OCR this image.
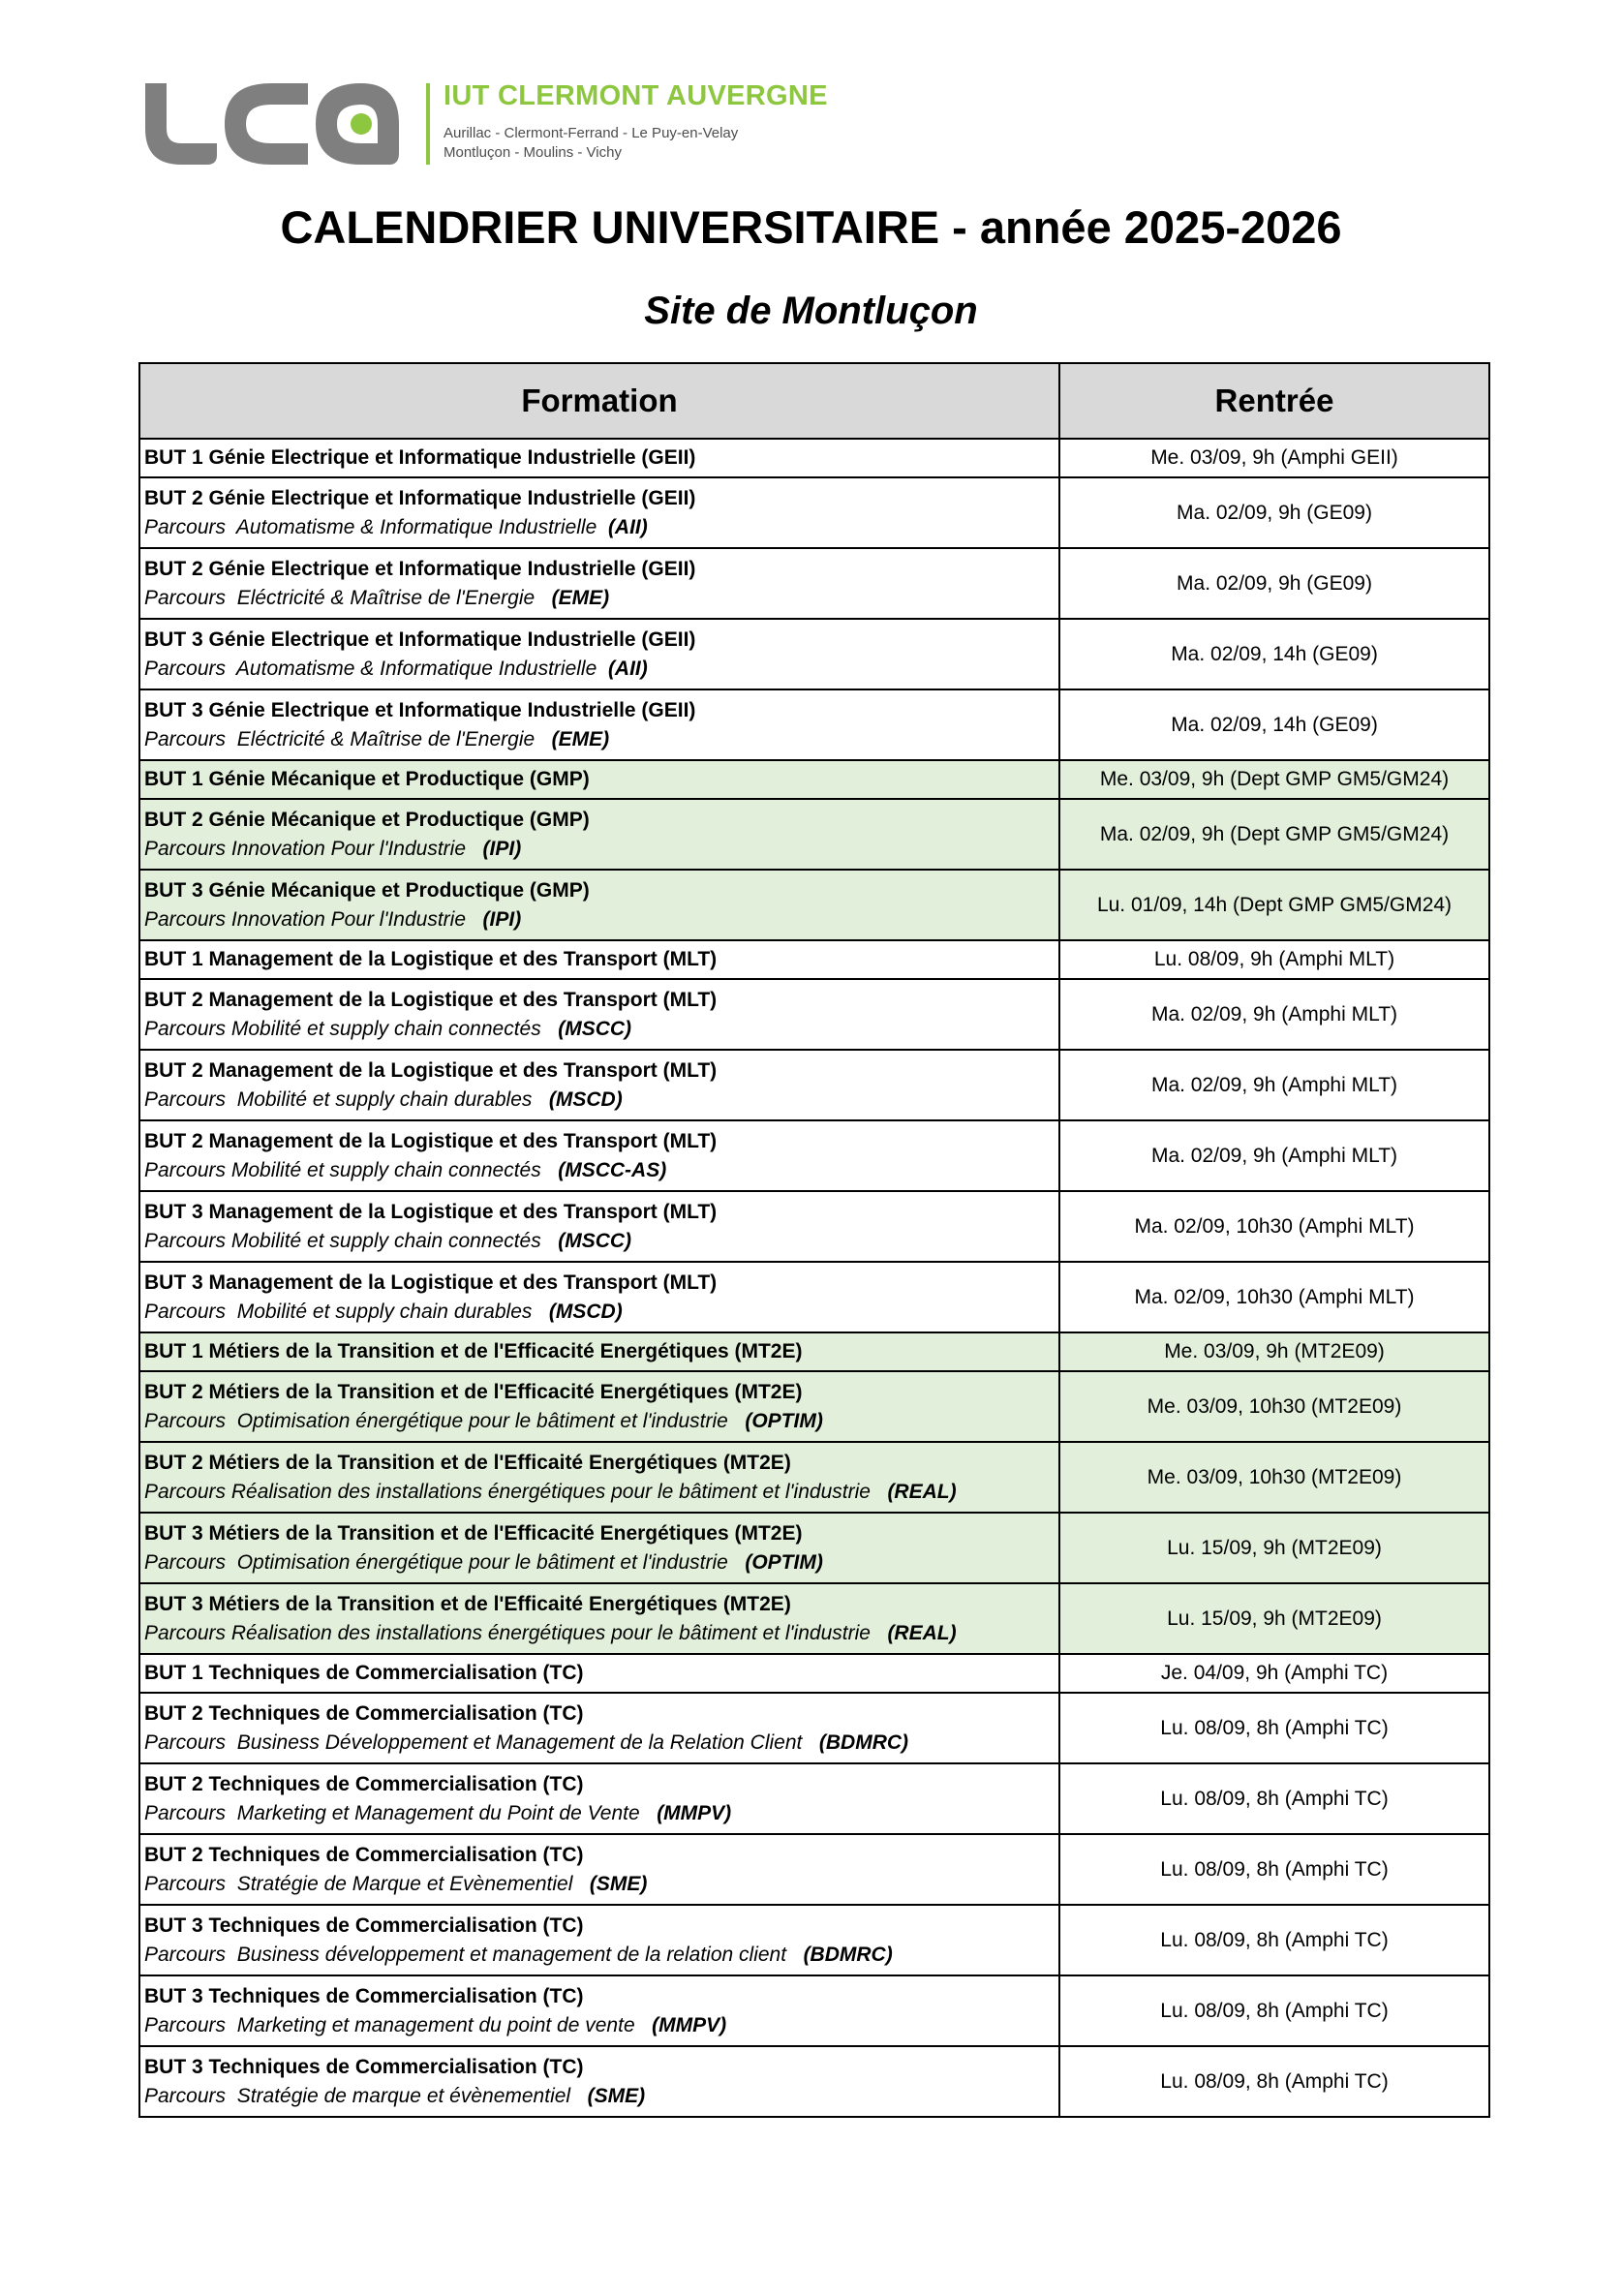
IUT CLERMONT AUVERGNE
Aurillac - Clermont-Ferrand - Le Puy-en-Velay
Montluçon - Moulins - Vichy
CALENDRIER UNIVERSITAIRE - année 2025-2026
Site de Montluçon
Formation	Rentrée

BUT 1 Génie Electrique et Informatique Industrielle (GEII)	Me. 03/09, 9h (Amphi GEII)

BUT 2 Génie Electrique et Informatique Industrielle (GEII)
Parcours  Automatisme & Informatique Industrielle  (AII)	Ma. 02/09, 9h (GE09)

BUT 2 Génie Electrique et Informatique Industrielle (GEII)
Parcours  Eléctricité & Maîtrise de l'Energie   (EME)	Ma. 02/09, 9h (GE09)

BUT 3 Génie Electrique et Informatique Industrielle (GEII)
Parcours  Automatisme & Informatique Industrielle  (AII)	Ma. 02/09, 14h (GE09)

BUT 3 Génie Electrique et Informatique Industrielle (GEII)
Parcours  Eléctricité & Maîtrise de l'Energie   (EME)	Ma. 02/09, 14h (GE09)

BUT 1 Génie Mécanique et Productique (GMP)	Me. 03/09, 9h (Dept GMP GM5/GM24)

BUT 2 Génie Mécanique et Productique (GMP)
Parcours Innovation Pour l'Industrie   (IPI)	Ma. 02/09, 9h (Dept GMP GM5/GM24)

BUT 3 Génie Mécanique et Productique (GMP)
Parcours Innovation Pour l'Industrie   (IPI)	Lu. 01/09, 14h (Dept GMP GM5/GM24)

BUT 1 Management de la Logistique et des Transport (MLT)	Lu. 08/09, 9h (Amphi MLT)

BUT 2 Management de la Logistique et des Transport (MLT)
Parcours Mobilité et supply chain connectés   (MSCC)	Ma. 02/09, 9h (Amphi MLT)

BUT 2 Management de la Logistique et des Transport (MLT)
Parcours  Mobilité et supply chain durables   (MSCD)	Ma. 02/09, 9h (Amphi MLT)

BUT 2 Management de la Logistique et des Transport (MLT)
Parcours Mobilité et supply chain connectés   (MSCC-AS)	Ma. 02/09, 9h (Amphi MLT)

BUT 3 Management de la Logistique et des Transport (MLT)
Parcours Mobilité et supply chain connectés   (MSCC)	Ma. 02/09, 10h30 (Amphi MLT)

BUT 3 Management de la Logistique et des Transport (MLT)
Parcours  Mobilité et supply chain durables   (MSCD)	Ma. 02/09, 10h30 (Amphi MLT)

BUT 1 Métiers de la Transition et de l'Efficacité Energétiques (MT2E)	Me. 03/09, 9h (MT2E09)

BUT 2 Métiers de la Transition et de l'Efficacité Energétiques (MT2E)
Parcours  Optimisation énergétique pour le bâtiment et l'industrie   (OPTIM)	Me. 03/09, 10h30 (MT2E09)

BUT 2 Métiers de la Transition et de l'Efficaité Energétiques (MT2E)
Parcours Réalisation des installations énergétiques pour le bâtiment et l'industrie   (REAL)	Me. 03/09, 10h30 (MT2E09)

BUT 3 Métiers de la Transition et de l'Efficacité Energétiques (MT2E)
Parcours  Optimisation énergétique pour le bâtiment et l'industrie   (OPTIM)	Lu. 15/09, 9h (MT2E09)

BUT 3 Métiers de la Transition et de l'Efficaité Energétiques (MT2E)
Parcours Réalisation des installations énergétiques pour le bâtiment et l'industrie   (REAL)	Lu. 15/09, 9h (MT2E09)

BUT 1 Techniques de Commercialisation (TC)	Je. 04/09, 9h (Amphi TC)

BUT 2 Techniques de Commercialisation (TC)
Parcours  Business Développement et Management de la Relation Client   (BDMRC)	Lu. 08/09, 8h (Amphi TC)

BUT 2 Techniques de Commercialisation (TC)
Parcours  Marketing et Management du Point de Vente   (MMPV)	Lu. 08/09, 8h (Amphi TC)

BUT 2 Techniques de Commercialisation (TC)
Parcours  Stratégie de Marque et Evènementiel   (SME)	Lu. 08/09, 8h (Amphi TC)

BUT 3 Techniques de Commercialisation (TC)
Parcours  Business développement et management de la relation client   (BDMRC)	Lu. 08/09, 8h (Amphi TC)

BUT 3 Techniques de Commercialisation (TC)
Parcours  Marketing et management du point de vente   (MMPV)	Lu. 08/09, 8h (Amphi TC)

BUT 3 Techniques de Commercialisation (TC)
Parcours  Stratégie de marque et évènementiel   (SME)	Lu. 08/09, 8h (Amphi TC)
